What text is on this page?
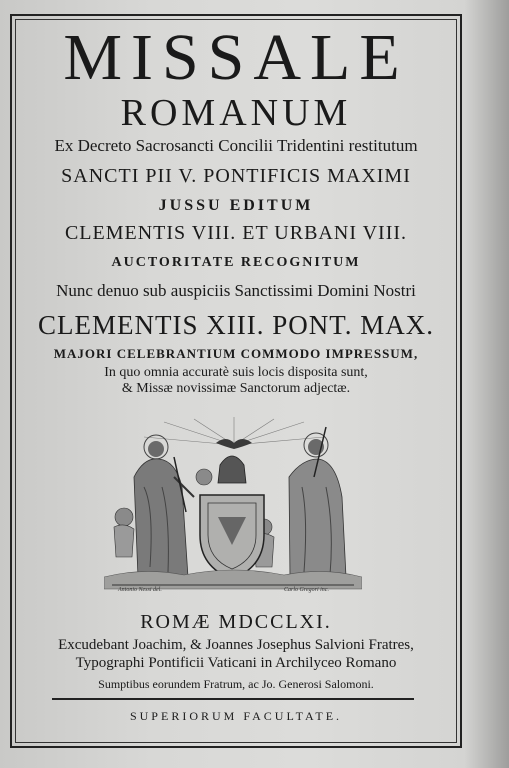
MISSALE
ROMANUM
Ex Decreto Sacrosancti Concilii Tridentini restitutum
SANCTI PII V. PONTIFICIS MAXIMI
JUSSU EDITUM
CLEMENTIS VIII. ET URBANI VIII.
AUCTORITATE RECOGNITUM
Nunc denuo sub auspiciis Sanctissimi Domini Nostri
CLEMENTIS XIII. PONT. MAX.
MAJORI CELEBRANTIUM COMMODO IMPRESSUM,
In quo omnia accuratè suis locis disposita sunt,
& Missæ novissimæ Sanctorum adjectæ.
Antonio Nessi del.	Carlo Gregori inc.
ROMÆ MDCCLXI.
Excudebant Joachim, & Joannes Josephus Salvioni Fratres,
Typographi Pontificii Vaticani in Archilyceo Romano
Sumptibus eorundem Fratrum, ac Jo. Generosi Salomoni.
SUPERIORUM FACULTATE.
